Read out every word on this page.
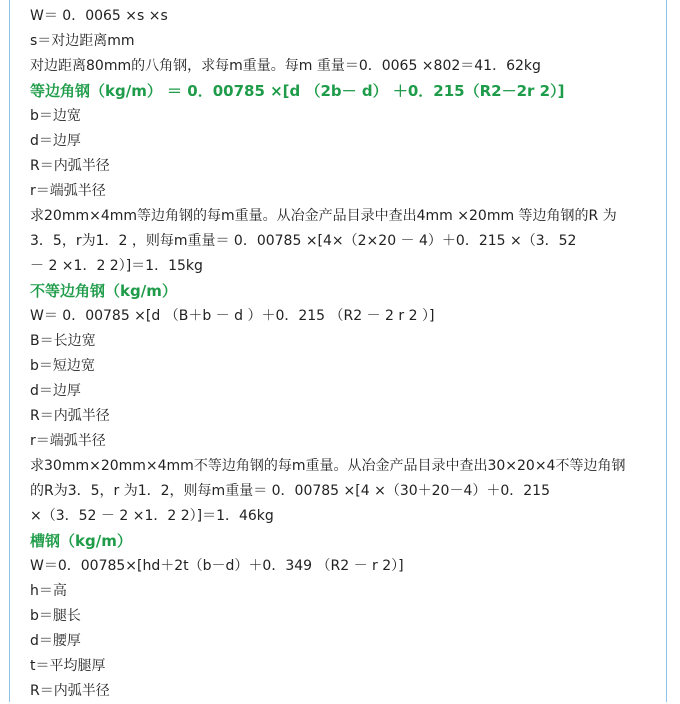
W＝ 0．0065 ×s ×s
s＝对边距离mm
对边距离80mm的八角钢，求每m重量。每m 重量＝0．0065 ×802＝41．62kg
等边角钢（kg/m） ＝ 0．00785 ×[d （2b－ d） ＋0．215（R2－2r 2）]
b＝边宽
d＝边厚
R＝内弧半径
r＝端弧半径
求20mm×4mm等边角钢的每m重量。从冶金产品目录中查出4mm ×20mm 等边角钢的R 为
3．5，r为1．2 ，则每m重量＝ 0．00785 ×[4×（2×20 － 4）＋0．215 ×（3．52
－ 2 ×1．2 2）]＝1．15kg
不等边角钢（kg/m）
W＝ 0．00785 ×[d （B＋b － d ）＋0．215 （R2 － 2 r 2 ）]
B＝长边宽
b＝短边宽
d＝边厚
R＝内弧半径
r＝端弧半径
求30mm×20mm×4mm不等边角钢的每m重量。从冶金产品目录中查出30×20×4不等边角钢
的R为3．5，r 为1．2，则每m重量＝ 0．00785 ×[4 ×（30＋20－4）＋0．215
×（3．52 － 2 ×1．2 2）]＝1．46kg
槽钢（kg/m）
W＝0．00785×[hd＋2t（b－d）＋0．349 （R2 － r 2）]
h＝高
b＝腿长
d＝腰厚
t＝平均腿厚
R＝内弧半径
